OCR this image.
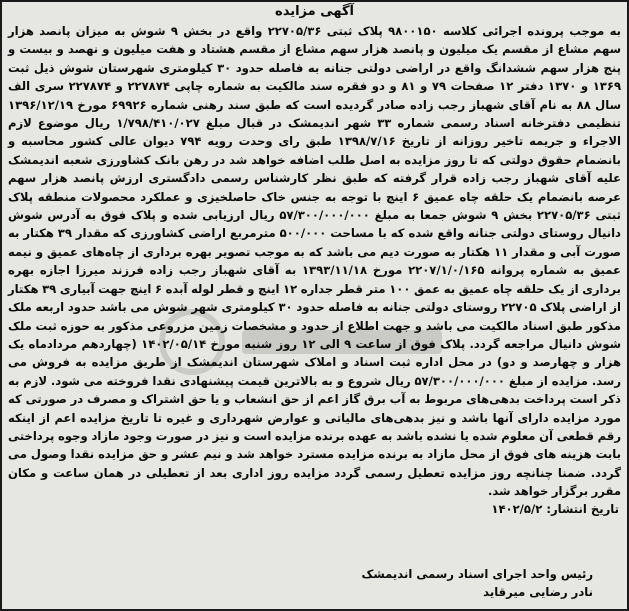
آگهی مزایده

به موجب پرونده اجرائی کلاسه ۹۸۰۰۱۵۰ پلاک ثبتی ۲۲۷۰۵/۳۶ واقع در بخش ۹ شوش به میزان پانصد هزار سهم مشاع از مقسم یک میلیون و پانصد هزار سهم مشاع از مقسم هشتاد و هفت میلیون و نهصد و بیست و پنج هزار سهم ششدانگ واقع در اراضی دولتی جنانه به فاصله حدود ۳۰ کیلومتری شهرستان شوش ذیل ثبت ۱۳۶۹ و ۱۳۷۰ دفتر ۱۲ صفحات ۷۹ و ۸۱ و دو فقره سند مالکیت به شماره چاپی ۲۲۷۸۷۴ و ۲۲۷۸۷۴ سری الف سال ۸۸ به نام آقای شهباز رجب زاده صادر گردیده است که طبق سند رهنی شماره ۶۹۹۲۶ مورخ ۱۳۹۶/۱۲/۱۹ تنظیمی دفترخانه اسناد رسمی شماره ۳۳ شهر اندیمشک در قبال مبلغ ۱/۷۹۸/۴۱۰/۰۲۷ ریال موضوع لازم الاجراء و جریمه تاخیر روزانه از تاریخ ۱۳۹۸/۷/۱۶ طبق رای وحدت رویه ۷۹۴ دیوان عالی کشور محاسبه و بانضمام حقوق دولتی که تا روز مزایده به اصل طلب اضافه خواهد شد در رهن بانک کشاورزی شعبه اندیمشک علیه آقای شهباز رجب زاده قرار گرفته که طبق نظر کارشناس رسمی دادگستری ارزش پانصد هزار سهم عرصه بانضمام یک حلقه چاه عمیق ۶ اینچ با توجه به جنس خاک حاصلخیزی و عملکرد محصولات منطقه پلاک ثبتی ۲۲۷۰۵/۳۶ بخش ۹ شوش جمعا به مبلغ ۵۷/۳۰۰/۰۰۰/۰۰۰ ریال ارزیابی شده و پلاک فوق به آدرس شوش دانیال روستای دولتی جنانه واقع شده که با مساحت ۵۰۰/۰۰۰ مترمربع اراضی کشاورزی که مقدار ۳۹ هکتار به صورت آبی و مقدار ۱۱ هکتار به صورت دیم می باشد که به موجب تصویر بهره برداری از چاه‌های عمیق و نیمه عمیق به شماره پروانه ۲۲۰۷/۱/۰/۱۶۵ مورخ ۱۳۹۳/۱۱/۱۸ به آقای شهباز رجب زاده فرزند میرزا اجازه بهره برداری از یک حلقه چاه عمیق به عمق ۱۰۰ متر قطر جداره ۱۲ اینچ و قطر لوله آبده ۶ اینچ جهت آبیاری ۳۹ هکتار از اراضی پلاک ۲۲۷۰۵ روستای دولتی جنانه به فاصله حدود ۳۰ کیلومتری شهر شوش می باشد حدود اربعه ملک مذکور طبق اسناد مالکیت می باشد و جهت اطلاع از حدود و مشخصات زمین مزروعی مذکور به حوزه ثبت ملک شوش دانیال مراجعه گردد. پلاک فوق از ساعت ۹ الی ۱۲ روز شنبه مورخ ۱۴۰۲/۰۵/۱۴ (چهاردهم مردادماه یک هزار و چهارصد و دو) در محل اداره ثبت اسناد و املاک شهرستان اندیمشک از طریق مزایده به فروش می رسد. مزایده از مبلغ ۵۷/۳۰۰/۰۰۰/۰۰۰ ریال شروع و به بالاترین قیمت پیشنهادی نقدا فروخته می شود. لازم به ذکر است پرداخت بدهی‌های مربوط به آب برق گاز اعم از حق انشعاب و یا حق اشتراک و مصرف در صورتی که مورد مزایده دارای آنها باشد و نیز بدهی‌های مالیاتی و عوارض شهرداری و غیره تا تاریخ مزایده اعم از اینکه رقم قطعی آن معلوم شده یا نشده باشد به عهده برنده مزایده است و نیز در صورت وجود مازاد وجوه پرداختی بابت هزینه های فوق از محل مازاد به برنده مزایده مسترد خواهد شد و نیم عشر و حق مزایده نقدا وصول می گردد. ضمنا چنانچه روز مزایده تعطیل رسمی گردد مزایده روز اداری بعد از تعطیلی در همان ساعت و مکان مقرر برگزار خواهد شد.

تاریخ انتشار: ۱۴۰۲/۵/۲
رئیس واحد اجرای اسناد رسمی اندیمشک
نادر رضایی میرقاید
